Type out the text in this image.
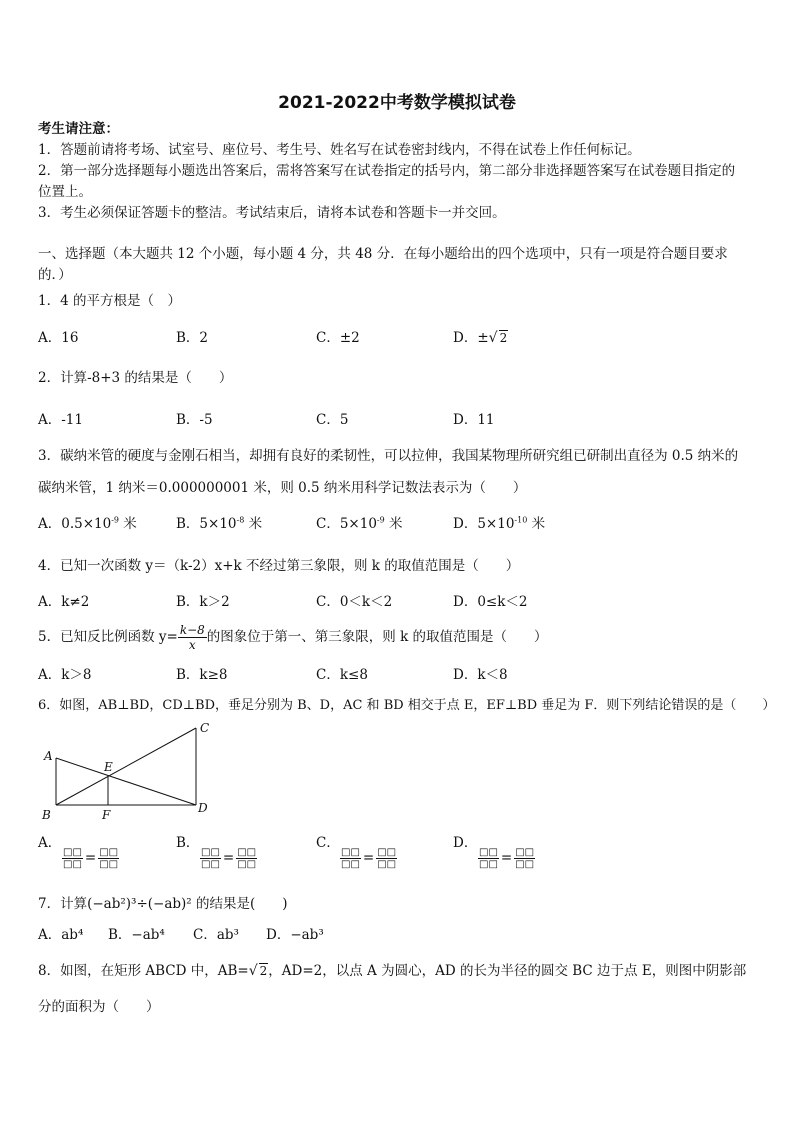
2021-2022中考数学模拟试卷
考生请注意：
1．答题前请将考场、试室号、座位号、考生号、姓名写在试卷密封线内，不得在试卷上作任何标记。
2．第一部分选择题每小题选出答案后，需将答案写在试卷指定的括号内，第二部分非选择题答案写在试卷题目指定的
位置上。
3．考生必须保证答题卡的整洁。考试结束后，请将本试卷和答题卡一并交回。
一、选择题（本大题共 12 个小题，每小题 4 分，共 48 分．在每小题给出的四个选项中，只有一项是符合题目要求
的．）
1．4 的平方根是（　）
A．16	B．2	C．±2	D．±√ 2
2．计算-8+3 的结果是（　　）
A．-11	B．-5	C．5	D．11
3．碳纳米管的硬度与金刚石相当，却拥有良好的柔韧性，可以拉伸，我国某物理所研究组已研制出直径为 0.5 纳米的
碳纳米管，1 纳米＝0.000000001 米，则 0.5 纳米用科学记数法表示为（　　）
A．$0.5\times 10^{-9}$ 米	B．$5\times 10^{-8}$ 米	C．$5\times 10^{-9}$ 米	D．$5\times 10^{-10}$ 米
4．已知一次函数 y＝（k-2）x+k 不经过第三象限，则 k 的取值范围是（　　）
A．k≠2	B．k＞2	C．0＜k＜2	D．0≤k＜2
5．已知反比例函数 $y= \frac{k-8}{x}$ 的图象位于第一、第三象限，则 k 的取值范围是（　　）
A．k＞8	B．k≥8	C．k≤8	D．k＜8
6．如图，AB⊥BD，CD⊥BD，垂足分别为 B、D，AC 和 BD 相交于点 E，EF⊥BD 垂足为 F．则下列结论错误的是（　　）
A
B
C
D
E
F
A．
$\frac{□□}{□□} = \frac{□□}{□□}$
B．
$\frac{□□}{□□} = \frac{□□}{□□}$
C．
$\frac{□□}{□□} = \frac{□□}{□□}$
D．
$\frac{□□}{□□} = \frac{□□}{□□}$
7．计算(−ab²)³÷(−ab)² 的结果是(　　)
A．ab⁴ B．−ab⁴ C．ab³ D．−ab³
8．如图，在矩形 ABCD 中，AB=√ 2，AD=2，以点 A 为圆心，AD 的长为半径的圆交 BC 边于点 E，则图中阴影部
分的面积为（　　）
